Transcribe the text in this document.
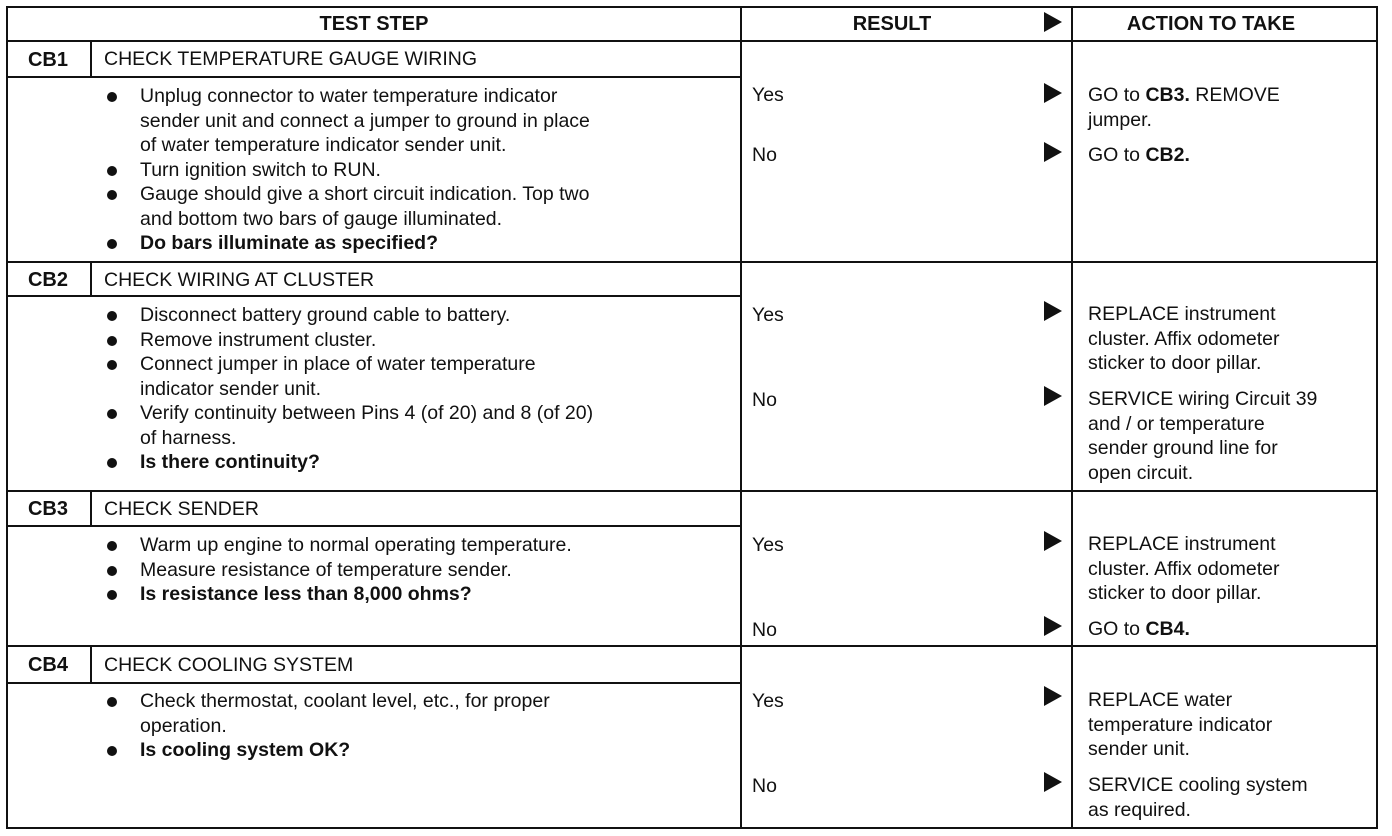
TEST STEP	RESULT	ACTION TO TAKE
CB1	CHECK TEMPERATURE GAUGE WIRING
Unplug connector to water temperature indicator
sender unit and connect a jumper to ground in place
of water temperature indicator sender unit.
Turn ignition switch to RUN.
Gauge should give a short circuit indication. Top two
and bottom two bars of gauge illuminated.
Do bars illuminate as specified?
Yes	GO to CB3. REMOVE
jumper.
No	GO to CB2.
CB2	CHECK WIRING AT CLUSTER
Disconnect battery ground cable to battery.
Remove instrument cluster.
Connect jumper in place of water temperature
indicator sender unit.
Verify continuity between Pins 4 (of 20) and 8 (of 20)
of harness.
Is there continuity?
Yes	REPLACE instrument
cluster. Affix odometer
sticker to door pillar.
No	SERVICE wiring Circuit 39
and / or temperature
sender ground line for
open circuit.
CB3	CHECK SENDER
Warm up engine to normal operating temperature.
Measure resistance of temperature sender.
Is resistance less than 8,000 ohms?
Yes	REPLACE instrument
cluster. Affix odometer
sticker to door pillar.
No	GO to CB4.
CB4	CHECK COOLING SYSTEM
Check thermostat, coolant level, etc., for proper
operation.
Is cooling system OK?
Yes	REPLACE water
temperature indicator
sender unit.
No	SERVICE cooling system
as required.
